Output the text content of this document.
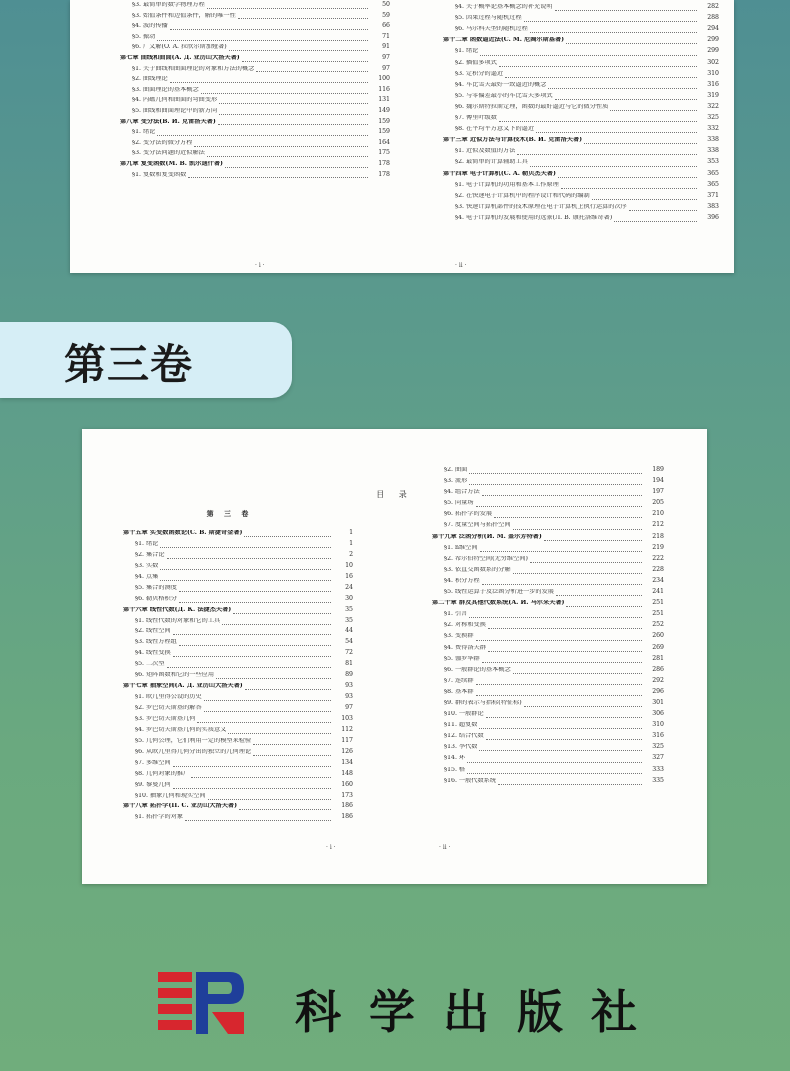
§3. 最简单的数学物理方程	50
§3. 始值条件和边值条件，解的唯一性	59
§4. 波的传播	66
§5. 振动	71
§6. 广义解(O. A. 拉欣尔斯加娅著)	91
第七章 曲线和曲面(A. Д. 亚历山大洛夫著)	97
§1. 关于曲线和曲面理论的对象和方法的概念	97
§2. 曲线理论	100
§3. 曲面理论的基本概念	116
§4. 内蕴几何和曲面的弯曲变形	131
§5. 曲线和曲面理论中的新方向	149
第八章 变分法(B. И. 克雷洛夫著)	159
§1. 绪论	159
§2. 变分法的微分方程	164
§3. 变分法问题的近似解法	175
第九章 复变函数(M. B. 凯尔迪什著)	178
§1. 复数和复变函数	178
· i ·
§4. 关于概率论基本概念的补充说明	282
§5. 因果过程与随机过程	288
§6. 马尔科夫型的随机过程	294
第十二章 函数逼近法(C. M. 尼阔尔斯基著)	299
§1. 绪论	299
§2. 插值多项式	302
§3. 定积分的逼近	310
§4. 车比雪夫最好一致逼近的概念	316
§5. 与零偏差最小的车比雪夫多项式	319
§6. 魏尔斯特拉斯定理，函数的最好逼近与它的微分性质	322
§7. 傅里叶级数	325
§8. 在平均平方意义下的逼近	332
第十三章 近似方法与计算技术(B. И. 克雷洛夫著)	338
§1. 近似及数值的方法	338
§2. 最简单的计算辅助工具	353
第十四章 电子计算机(C. A. 勒贝杰夫著)	365
§1. 电子计算机的功用和基本工作原理	365
§2. 在快速电子计算机中的程序设计和代码的编制	371
§3. 快速计算机部件的技术原理在电子计算机上执行运算的次序	383
§4. 电子计算机的发展和使用的远景(Л. В. 康托洛维奇著)	396
· ii ·
第三卷
目 录
第 三 卷
第十五章 实变数函数论(C. B. 斯捷奇金著)	1
§1. 绪论	1
§2. 集合论	2
§3. 实数	10
§4. 点集	16
§5. 集合的测度	24
§6. 勒贝格积分	30
第十六章 线性代数(Д. К. 法捷杰夫著)	35
§1. 线性代数的对象和它的工具	35
§2. 线性空间	44
§3. 线性方程组	54
§4. 线性变换	72
§5. 二次型	81
§6. 矩阵函数和它的一些应用	89
第十七章 抽象空间(A. Д. 亚历山大洛夫著)	93
§1. 欧几里得公设的历史	93
§2. 罗巴切夫斯基的解答	97
§3. 罗巴切夫斯基几何	103
§4. 罗巴切夫斯基几何的实质意义	112
§5. 几何公理，它们利用一定的模型来检验	117
§6. 从欧几里得几何分出的独立的几何理论	126
§7. 多维空间	134
§8. 几何对象的推广	148
§9. 黎曼几何	160
§10. 抽象几何和现实空间	173
第十八章 拓扑学(П. С. 亚历山大洛夫著)	186
§1. 拓扑学的对象	186
· i ·
§2. 曲面	189
§3. 流形	194
§4. 组合方法	197
§5. 向量场	205
§6. 拓扑学的发展	210
§7. 度量空间与拓扑空间	212
第十九章 泛函分析(И. М. 盖尔芳特著)	218
§1. n维空间	219
§2. 希尔伯特空间(无穷维空间)	222
§3. 依直交函数系的分解	228
§4. 积分方程	234
§5. 线性运算子及泛函分析进一步的发展	241
第二十章 群及其他代数系统(A. И. 马尔采夫著)	251
§1. 引言	251
§2. 对称和变换	252
§3. 变换群	260
§4. 费得洛夫群	269
§5. 伽罗华群	281
§6. 一般群论的基本概念	286
§7. 连续群	292
§8. 基本群	296
§9. 群的表示与指标(特征标)	301
§10. 一般群论	306
§11. 超复数	310
§12. 结合代数	316
§13. 李代数	325
§14. 环	327
§15. 格	333
§16. 一般代数系统	335
· ii ·
科学出版社
